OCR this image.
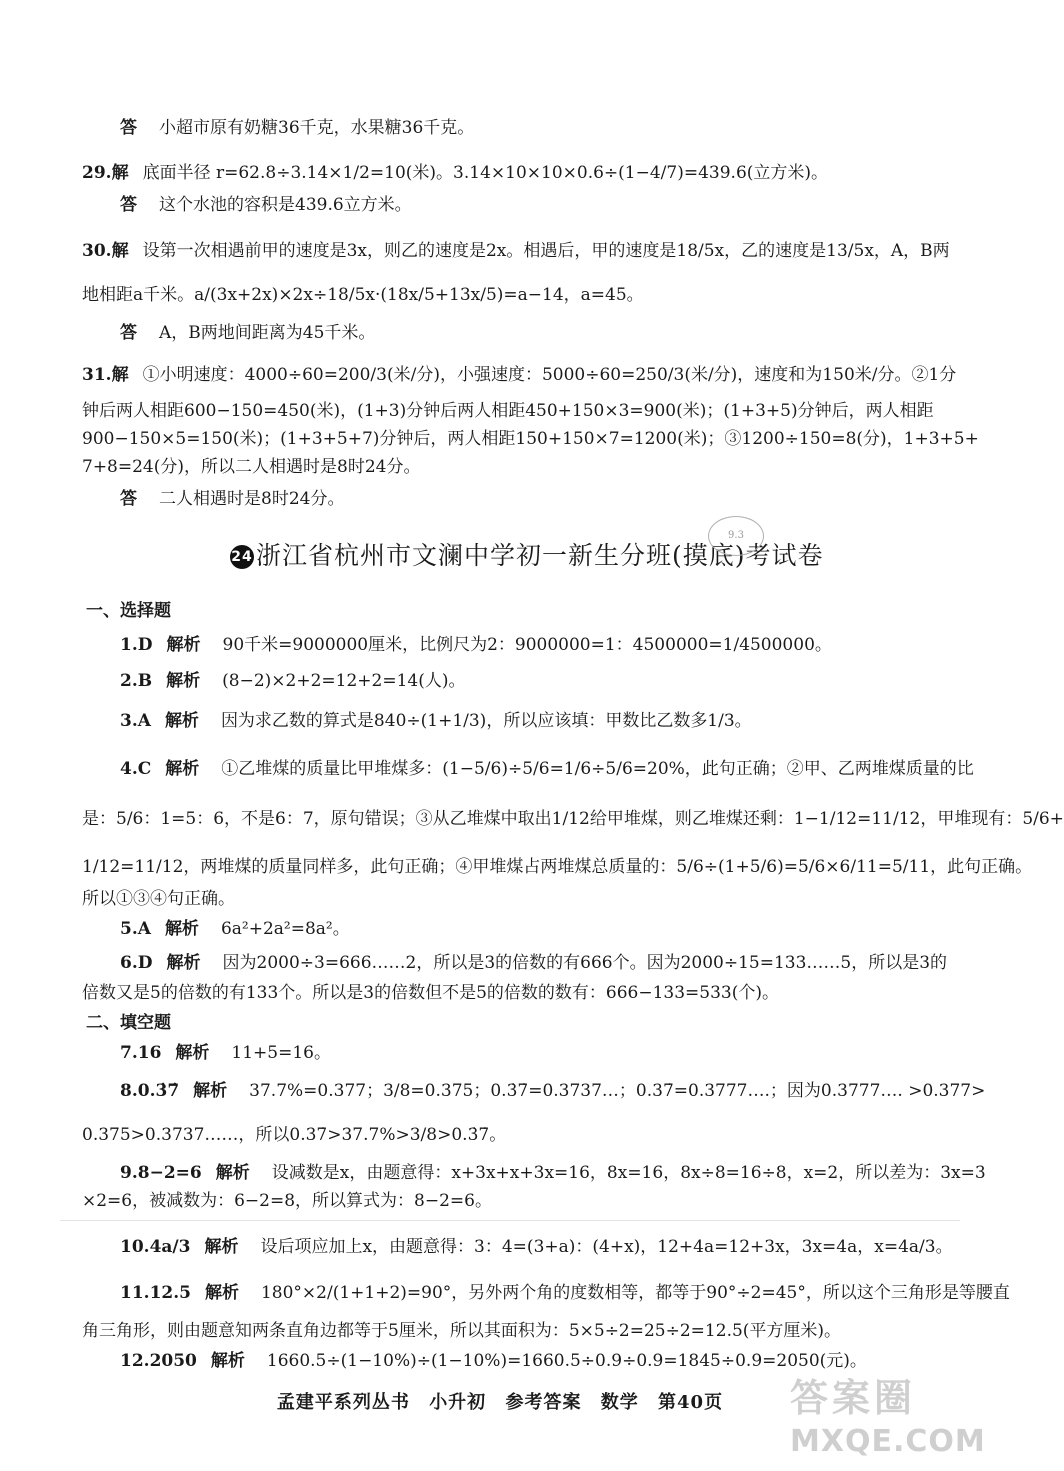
答 小超市原有奶糖36千克，水果糖36千克。
29.解 底面半径 r=62.8÷3.14×1/2=10(米)。3.14×10×10×0.6÷(1−4/7)=439.6(立方米)。
答 这个水池的容积是439.6立方米。
30.解 设第一次相遇前甲的速度是3x，则乙的速度是2x。相遇后，甲的速度是18/5x，乙的速度是13/5x，A，B两
地相距a千米。a/(3x+2x)×2x÷18/5x·(18x/5+13x/5)=a−14，a=45。
答 A，B两地间距离为45千米。
31.解 ①小明速度：4000÷60=200/3(米/分)，小强速度：5000÷60=250/3(米/分)，速度和为150米/分。②1分
钟后两人相距600−150=450(米)，(1+3)分钟后两人相距450+150×3=900(米)；(1+3+5)分钟后，两人相距
900−150×5=150(米)；(1+3+5+7)分钟后，两人相距150+150×7=1200(米)；③1200÷150=8(分)，1+3+5+
7+8=24(分)，所以二人相遇时是8时24分。
答 二人相遇时是8时24分。
24 浙江省杭州市文澜中学初一新生分班(摸底)考试卷
9.3
一、选择题
1.D 解析 90千米=9000000厘米，比例尺为2：9000000=1：4500000=1/4500000。
2.B 解析 (8−2)×2+2=12+2=14(人)。
3.A 解析 因为求乙数的算式是840÷(1+1/3)，所以应该填：甲数比乙数多1/3。
4.C 解析 ①乙堆煤的质量比甲堆煤多：(1−5/6)÷5/6=1/6÷5/6=20%，此句正确；②甲、乙两堆煤质量的比
是：5/6：1=5：6，不是6：7，原句错误；③从乙堆煤中取出1/12给甲堆煤，则乙堆煤还剩：1−1/12=11/12，甲堆现有：5/6+
1/12=11/12，两堆煤的质量同样多，此句正确；④甲堆煤占两堆煤总质量的：5/6÷(1+5/6)=5/6×6/11=5/11，此句正确。
所以①③④句正确。
5.A 解析 6a²+2a²=8a²。
6.D 解析 因为2000÷3=666……2，所以是3的倍数的有666个。因为2000÷15=133……5，所以是3的
倍数又是5的倍数的有133个。所以是3的倍数但不是5的倍数的数有：666−133=533(个)。
二、填空题
7.16 解析 11+5=16。
8.0.3̇7̇ 解析 37.7%=0.377；3/8=0.375；0.3̇7̇=0.3737…；0.37̇=0.3777….；因为0.3777…. >0.377>
0.375>0.3737……，所以0.37̇>37.7%>3/8>0.3̇7̇。
9.8−2=6 解析 设减数是x，由题意得：x+3x+x+3x=16，8x=16，8x÷8=16÷8，x=2，所以差为：3x=3
×2=6，被减数为：6−2=8，所以算式为：8−2=6。
10.4a/3 解析 设后项应加上x，由题意得：3：4=(3+a)：(4+x)，12+4a=12+3x，3x=4a，x=4a/3。
11.12.5 解析 180°×2/(1+1+2)=90°，另外两个角的度数相等，都等于90°÷2=45°，所以这个三角形是等腰直
角三角形，则由题意知两条直角边都等于5厘米，所以其面积为：5×5÷2=25÷2=12.5(平方厘米)。
12.2050 解析 1660.5÷(1−10%)÷(1−10%)=1660.5÷0.9÷0.9=1845÷0.9=2050(元)。
孟建平系列丛书 小升初 参考答案 数学 第40页	答案圈
MXQE.COM
